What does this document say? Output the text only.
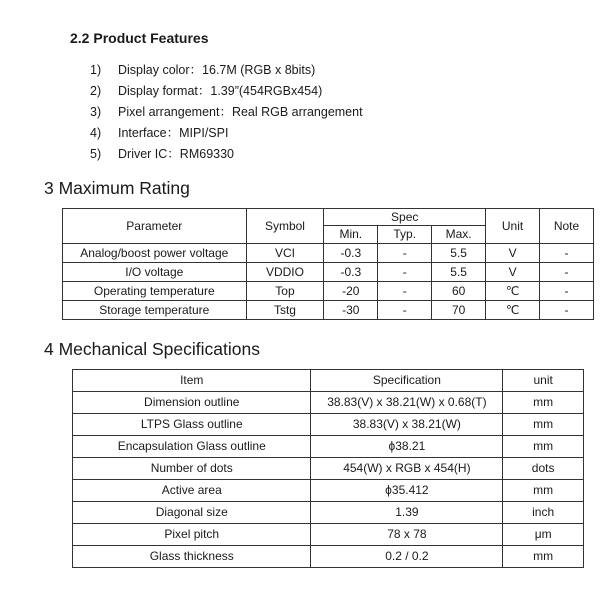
2.2 Product Features
1) Display color：16.7M (RGB x 8bits)
2) Display format：1.39”(454RGBx454)
3) Pixel arrangement：Real RGB arrangement
4) Interface：MIPI/SPI
5) Driver IC：RM69330
3 Maximum Rating
Parameter	Symbol	Spec			Unit	Note
		Min.	Typ.	Max.		
Analog/boost power voltage	VCI	-0.3	-	5.5	V	-
I/O voltage	VDDIO	-0.3	-	5.5	V	-
Operating temperature	Top	-20	-	60	℃	-
Storage temperature	Tstg	-30	-	70	℃	-
4 Mechanical Specifications
Item	Specification	unit
Dimension outline	38.83(V) x 38.21(W) x 0.68(T)	mm
LTPS Glass outline	38.83(V) x 38.21(W)	mm
Encapsulation Glass outline	ϕ38.21	mm
Number of dots	454(W) x RGB x 454(H)	dots
Active area	ϕ35.412	mm
Diagonal size	1.39	inch
Pixel pitch	78 x 78	μm
Glass thickness	0.2 / 0.2	mm
